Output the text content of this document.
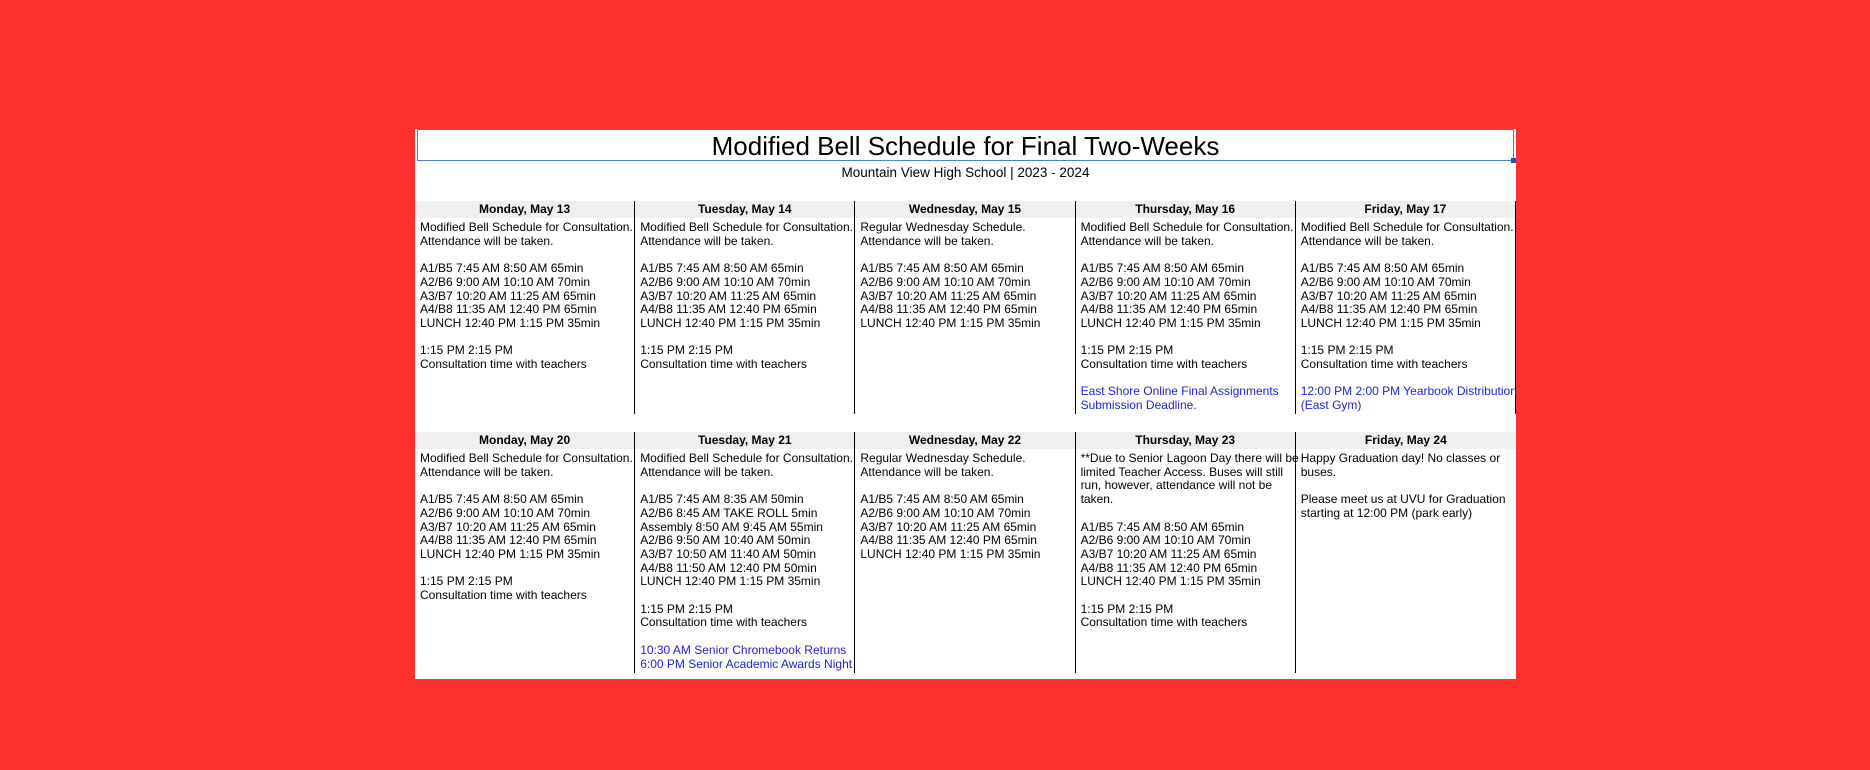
Modified Bell Schedule for Final Two-Weeks
Mountain View High School | 2023 - 2024
Monday, May 13
Modified Bell Schedule for Consultation.
Attendance will be taken.
A1/B5 7:45 AM 8:50 AM 65min
A2/B6 9:00 AM 10:10 AM 70min
A3/B7 10:20 AM 11:25 AM 65min
A4/B8 11:35 AM 12:40 PM 65min
LUNCH 12:40 PM 1:15 PM 35min
1:15 PM 2:15 PM
Consultation time with teachers
Tuesday, May 14
Modified Bell Schedule for Consultation.
Attendance will be taken.
A1/B5 7:45 AM 8:50 AM 65min
A2/B6 9:00 AM 10:10 AM 70min
A3/B7 10:20 AM 11:25 AM 65min
A4/B8 11:35 AM 12:40 PM 65min
LUNCH 12:40 PM 1:15 PM 35min
1:15 PM 2:15 PM
Consultation time with teachers
Wednesday, May 15
Regular Wednesday Schedule.
Attendance will be taken.
A1/B5 7:45 AM 8:50 AM 65min
A2/B6 9:00 AM 10:10 AM 70min
A3/B7 10:20 AM 11:25 AM 65min
A4/B8 11:35 AM 12:40 PM 65min
LUNCH 12:40 PM 1:15 PM 35min
Thursday, May 16
Modified Bell Schedule for Consultation.
Attendance will be taken.
A1/B5 7:45 AM 8:50 AM 65min
A2/B6 9:00 AM 10:10 AM 70min
A3/B7 10:20 AM 11:25 AM 65min
A4/B8 11:35 AM 12:40 PM 65min
LUNCH 12:40 PM 1:15 PM 35min
1:15 PM 2:15 PM
Consultation time with teachers
East Shore Online Final Assignments
Submission Deadline.
Friday, May 17
Modified Bell Schedule for Consultation.
Attendance will be taken.
A1/B5 7:45 AM 8:50 AM 65min
A2/B6 9:00 AM 10:10 AM 70min
A3/B7 10:20 AM 11:25 AM 65min
A4/B8 11:35 AM 12:40 PM 65min
LUNCH 12:40 PM 1:15 PM 35min
1:15 PM 2:15 PM
Consultation time with teachers
12:00 PM 2:00 PM Yearbook Distribution
(East Gym)
Monday, May 20
Modified Bell Schedule for Consultation.
Attendance will be taken.
A1/B5 7:45 AM 8:50 AM 65min
A2/B6 9:00 AM 10:10 AM 70min
A3/B7 10:20 AM 11:25 AM 65min
A4/B8 11:35 AM 12:40 PM 65min
LUNCH 12:40 PM 1:15 PM 35min
1:15 PM 2:15 PM
Consultation time with teachers
Tuesday, May 21
Modified Bell Schedule for Consultation.
Attendance will be taken.
A1/B5 7:45 AM 8:35 AM 50min
A2/B6 8:45 AM TAKE ROLL 5min
Assembly 8:50 AM 9:45 AM 55min
A2/B6 9:50 AM 10:40 AM 50min
A3/B7 10:50 AM 11:40 AM 50min
A4/B8 11:50 AM 12:40 PM 50min
LUNCH 12:40 PM 1:15 PM 35min
1:15 PM 2:15 PM
Consultation time with teachers
10:30 AM Senior Chromebook Returns
6:00 PM Senior Academic Awards Night
Wednesday, May 22
Regular Wednesday Schedule.
Attendance will be taken.
A1/B5 7:45 AM 8:50 AM 65min
A2/B6 9:00 AM 10:10 AM 70min
A3/B7 10:20 AM 11:25 AM 65min
A4/B8 11:35 AM 12:40 PM 65min
LUNCH 12:40 PM 1:15 PM 35min
Thursday, May 23
**Due to Senior Lagoon Day there will be
limited Teacher Access. Buses will still
run, however, attendance will not be
taken.
A1/B5 7:45 AM 8:50 AM 65min
A2/B6 9:00 AM 10:10 AM 70min
A3/B7 10:20 AM 11:25 AM 65min
A4/B8 11:35 AM 12:40 PM 65min
LUNCH 12:40 PM 1:15 PM 35min
1:15 PM 2:15 PM
Consultation time with teachers
Friday, May 24
Happy Graduation day! No classes or
buses.
Please meet us at UVU for Graduation
starting at 12:00 PM (park early)
